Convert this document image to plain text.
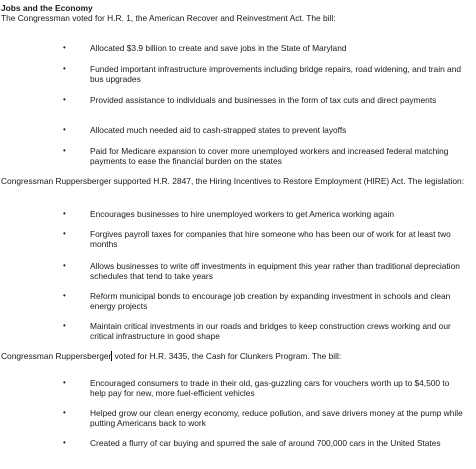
Jobs and the Economy
The Congressman voted for H.R. 1, the American Recover and Reinvestment Act. The bill:
•	Allocated $3.9 billion to create and save jobs in the State of Maryland
•	Funded important infrastructure improvements including bridge repairs, road widening, and train and bus upgrades
•	Provided assistance to individuals and businesses in the form of tax cuts and direct payments
•	Allocated much needed aid to cash-strapped states to prevent layoffs
•	Paid for Medicare expansion to cover more unemployed workers and increased federal matching payments to ease the financial burden on the states
Congressman Ruppersberger supported H.R. 2847, the Hiring Incentives to Restore Employment (HIRE) Act. The legislation:
•	Encourages businesses to hire unemployed workers to get America working again
•	Forgives payroll taxes for companies that hire someone who has been our of work for at least two months
•	Allows businesses to write off investments in equipment this year rather than traditional depreciation schedules that tend to take years
•	Reform municipal bonds to encourage job creation by expanding investment in schools and clean energy projects
•	Maintain critical investments in our roads and bridges to keep construction crews working and our critical infrastructure in good shape
Congressman Ruppersberger voted for H.R. 3435, the Cash for Clunkers Program. The bill:
•	Encouraged consumers to trade in their old, gas-guzzling cars for vouchers worth up to $4,500 to help pay for new, more fuel-efficient vehicles
•	Helped grow our clean energy economy, reduce pollution, and save drivers money at the pump while putting Americans back to work
•	Created a flurry of car buying and spurred the sale of around 700,000 cars in the United States
